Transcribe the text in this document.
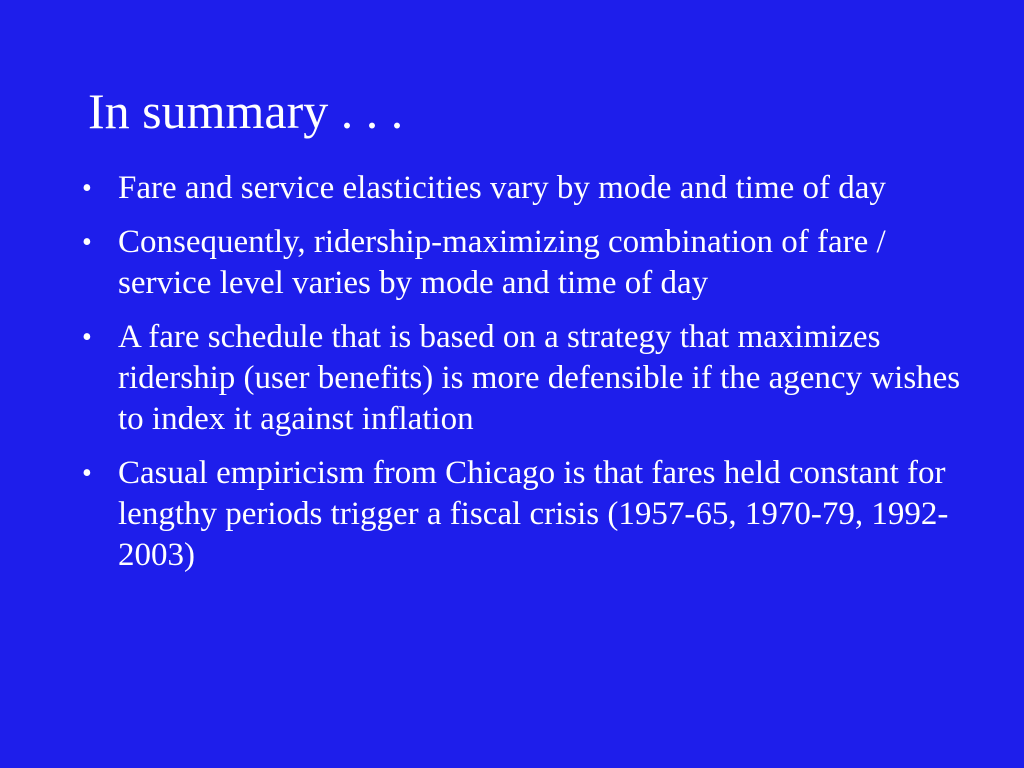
In summary . . .
• Fare and service elasticities vary by mode and time of day
• Consequently, ridership-maximizing combination of fare / service level varies by mode and time of day
• A fare schedule that is based on a strategy that maximizes ridership (user benefits) is more defensible if the agency wishes to index it against inflation
• Casual empiricism from Chicago is that fares held constant for lengthy periods trigger a fiscal crisis (1957-65, 1970-79, 1992-2003)
